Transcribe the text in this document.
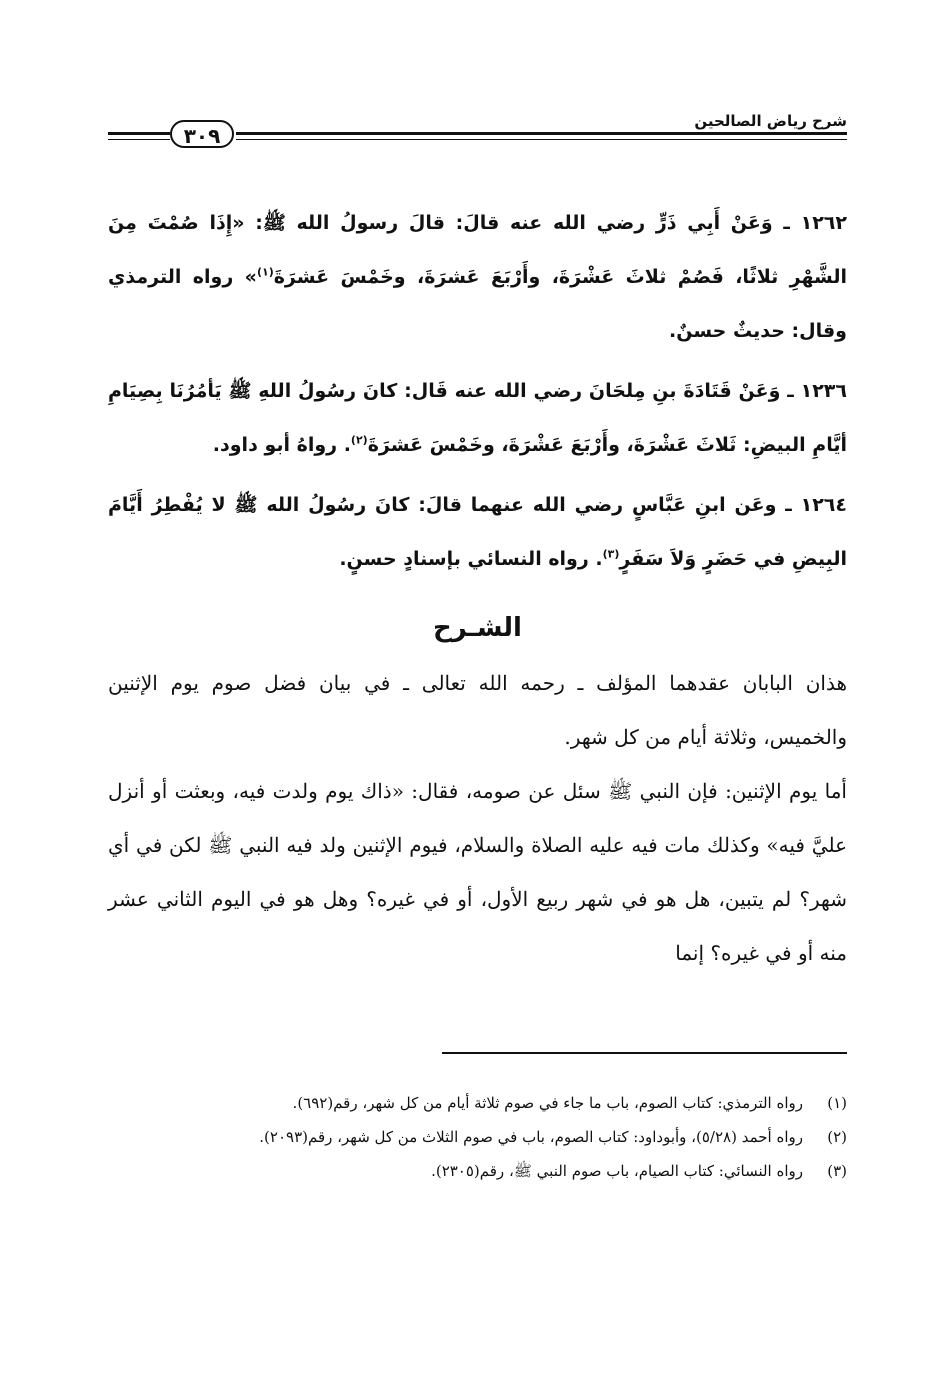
شرح رياض الصالحين
٣٠٩

١٢٦٢ ـ وَعَنْ أَبِي ذَرٍّ رضي الله عنه قالَ: قالَ رسولُ الله ﷺ: «إِذَا صُمْتَ مِنَ الشَّهْرِ ثلاثًا، فَصُمْ ثلاثَ عَشْرَةَ، وأَرْبَعَ عَشرَةَ، وخَمْسَ عَشرَةَ$^{(١)}$» رواه الترمذي وقال: حديثٌ حسنٌ.

١٢٣٦ ـ وَعَنْ قَتَادَةَ بنِ مِلحَانَ رضي الله عنه قَال: كانَ رسُولُ اللهِ ﷺ يَأمُرُنَا بِصِيَامِ أيَّامِ البيضِ: ثَلاثَ عَشْرَةَ، وأَرْبَعَ عَشْرَةَ، وخَمْسَ عَشرَةَ$^{(٢)}$. رواهُ أبو داود.

١٢٦٤ ـ وعَن ابنِ عَبَّاسٍ رضي الله عنهما قالَ: كانَ رسُولُ الله ﷺ لا يُفْطِرُ أَيَّامَ البِيضِ في حَضَرٍ وَلاَ سَفَرٍ$^{(٣)}$. رواه النسائي بإسنادٍ حسنٍ.

الشـرح

هذان البابان عقدهما المؤلف ـ رحمه الله تعالى ـ في بيان فضل صوم يوم الإثنين والخميس، وثلاثة أيام من كل شهر.

أما يوم الإثنين: فإن النبي ﷺ سئل عن صومه، فقال: «ذاك يوم ولدت فيه، وبعثت أو أنزل عليَّ فيه» وكذلك مات فيه عليه الصلاة والسلام، فيوم الإثنين ولد فيه النبي ﷺ لكن في أي شهر؟ لم يتبين، هل هو في شهر ربيع الأول، أو في غيره؟ وهل هو في اليوم الثاني عشر منه أو في غيره؟ إنما

(١)
رواه الترمذي: كتاب الصوم، باب ما جاء في صوم ثلاثة أيام من كل شهر، رقم(٦٩٢).
(٢)
رواه أحمد (٥/٢٨)، وأبوداود: كتاب الصوم، باب في صوم الثلاث من كل شهر، رقم(٢٠٩٣).
(٣)
رواه النسائي: كتاب الصيام، باب صوم النبي ﷺ، رقم(٢٣٠٥).
